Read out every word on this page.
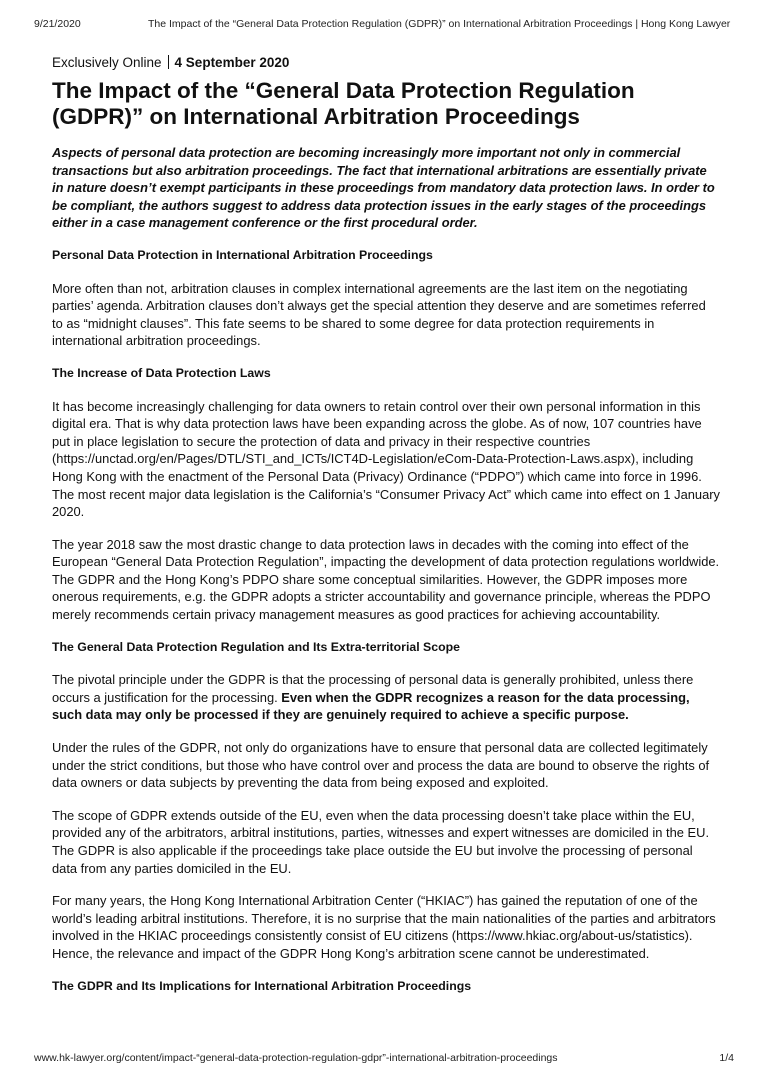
9/21/2020	The Impact of the “General Data Protection Regulation (GDPR)” on International Arbitration Proceedings | Hong Kong Lawyer
Exclusively Online 4 September 2020
The Impact of the “General Data Protection Regulation (GDPR)” on International Arbitration Proceedings

Aspects of personal data protection are becoming increasingly more important not only in commercial transactions but also arbitration proceedings. The fact that international arbitrations are essentially private in nature doesn’t exempt participants in these proceedings from mandatory data protection laws. In order to be compliant, the authors suggest to address data protection issues in the early stages of the proceedings either in a case management conference or the first procedural order.

Personal Data Protection in International Arbitration Proceedings

More often than not, arbitration clauses in complex international agreements are the last item on the negotiating parties’ agenda. Arbitration clauses don’t always get the special attention they deserve and are sometimes referred to as “midnight clauses”. This fate seems to be shared to some degree for data protection requirements in international arbitration proceedings.

The Increase of Data Protection Laws

It has become increasingly challenging for data owners to retain control over their own personal information in this digital era. That is why data protection laws have been expanding across the globe. As of now, 107 countries have put in place legislation to secure the protection of data and privacy in their respective countries (https://unctad.org/en/Pages/DTL/STI_and_ICTs/ICT4D-Legislation/eCom-Data-Protection-Laws.aspx), including Hong Kong with the enactment of the Personal Data (Privacy) Ordinance (“PDPO”) which came into force in 1996. The most recent major data legislation is the California’s “Consumer Privacy Act” which came into effect on 1 January 2020.

The year 2018 saw the most drastic change to data protection laws in decades with the coming into effect of the European “General Data Protection Regulation”, impacting the development of data protection regulations worldwide. The GDPR and the Hong Kong’s PDPO share some conceptual similarities. However, the GDPR imposes more onerous requirements, e.g. the GDPR adopts a stricter accountability and governance principle, whereas the PDPO merely recommends certain privacy management measures as good practices for achieving accountability.

The General Data Protection Regulation and Its Extra-territorial Scope

The pivotal principle under the GDPR is that the processing of personal data is generally prohibited, unless there occurs a justification for the processing. Even when the GDPR recognizes a reason for the data processing, such data may only be processed if they are genuinely required to achieve a specific purpose.

Under the rules of the GDPR, not only do organizations have to ensure that personal data are collected legitimately under the strict conditions, but those who have control over and process the data are bound to observe the rights of data owners or data subjects by preventing the data from being exposed and exploited.

The scope of GDPR extends outside of the EU, even when the data processing doesn’t take place within the EU, provided any of the arbitrators, arbitral institutions, parties, witnesses and expert witnesses are domiciled in the EU. The GDPR is also applicable if the proceedings take place outside the EU but involve the processing of personal data from any parties domiciled in the EU.

For many years, the Hong Kong International Arbitration Center (“HKIAC”) has gained the reputation of one of the world’s leading arbitral institutions. Therefore, it is no surprise that the main nationalities of the parties and arbitrators involved in the HKIAC proceedings consistently consist of EU citizens (https://www.hkiac.org/about-us/statistics). Hence, the relevance and impact of the GDPR Hong Kong’s arbitration scene cannot be underestimated.

The GDPR and Its Implications for International Arbitration Proceedings

www.hk-lawyer.org/content/impact-“general-data-protection-regulation-gdpr”-international-arbitration-proceedings	1/4
